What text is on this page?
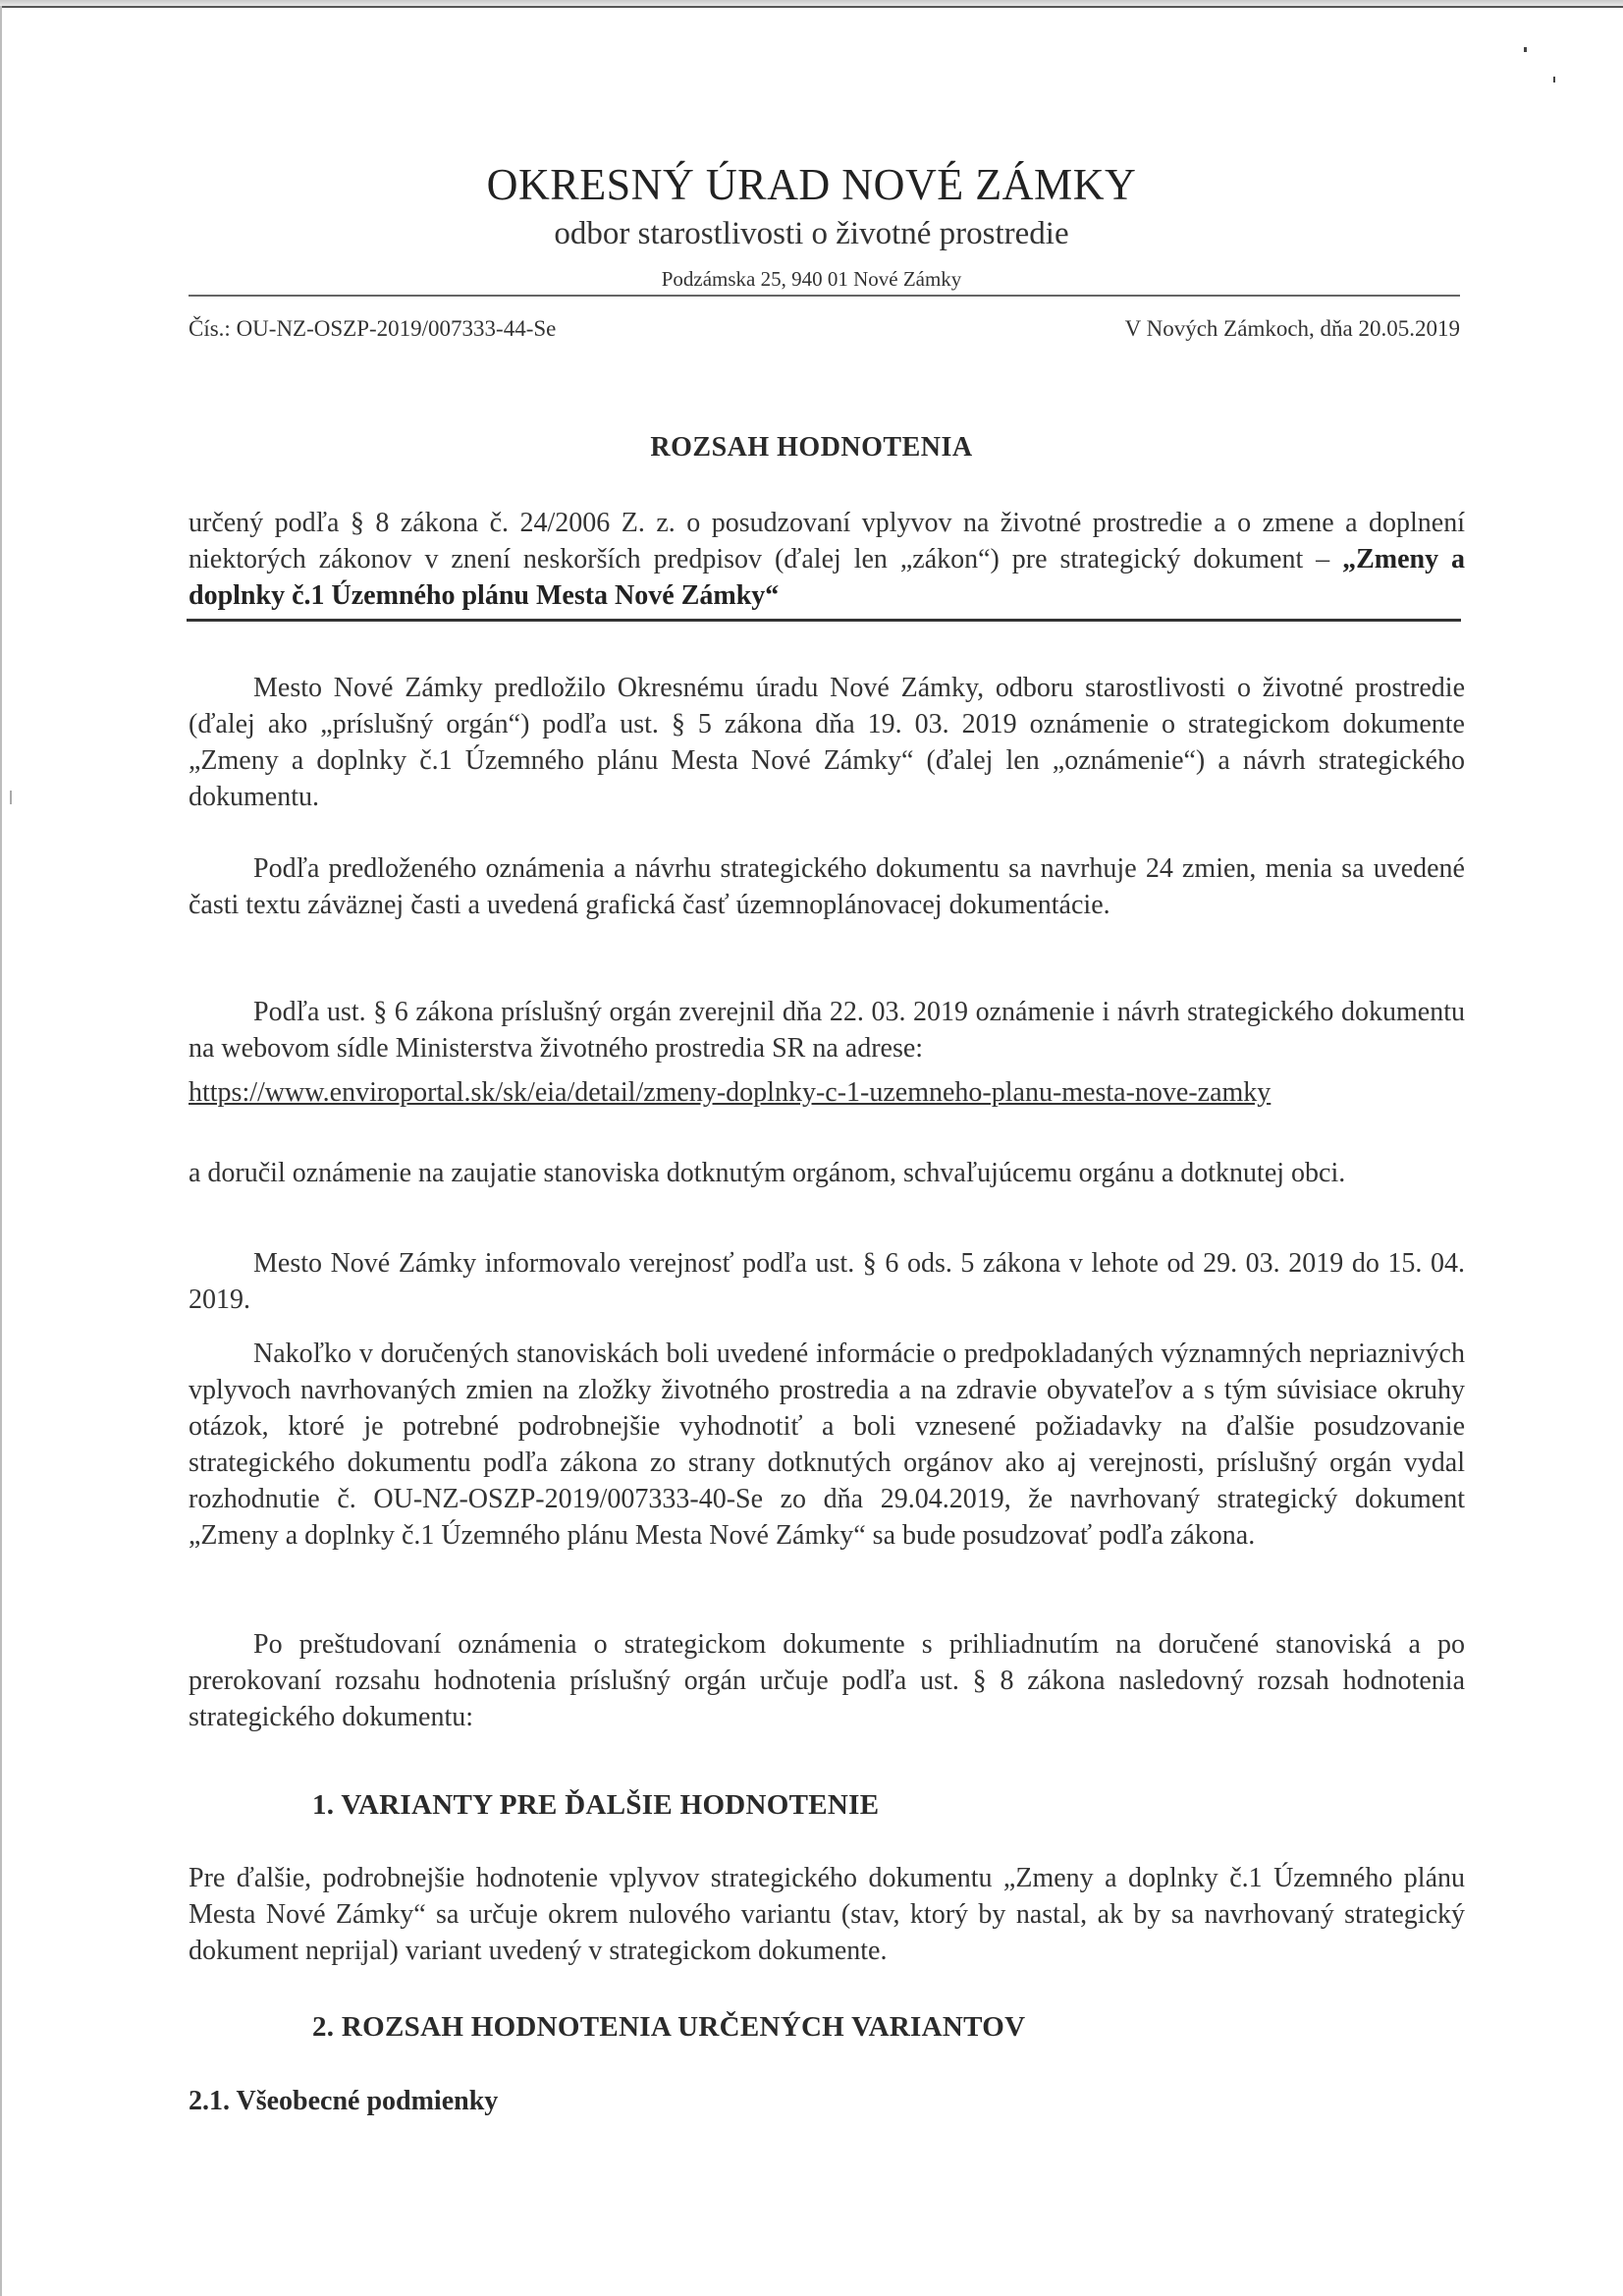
OKRESNÝ ÚRAD NOVÉ ZÁMKY
odbor starostlivosti o životné prostredie
Podzámska 25, 940 01 Nové Zámky
Čís.: OU-NZ-OSZP-2019/007333-44-Se	V Nových Zámkoch, dňa 20.05.2019
ROZSAH HODNOTENIA
určený podľa § 8 zákona č. 24/2006 Z. z. o posudzovaní vplyvov na životné prostredie a o zmene a doplnení niektorých zákonov v znení neskorších predpisov (ďalej len „zákon“) pre strategický dokument – „Zmeny a doplnky č.1 Územného plánu Mesta Nové Zámky“
Mesto Nové Zámky predložilo Okresnému úradu Nové Zámky, odboru starostlivosti o životné prostredie (ďalej ako „príslušný orgán“) podľa ust. § 5 zákona dňa 19. 03. 2019 oznámenie o strategickom dokumente „Zmeny a doplnky č.1 Územného plánu Mesta Nové Zámky“ (ďalej len „oznámenie“) a návrh strategického dokumentu.
Podľa predloženého oznámenia a návrhu strategického dokumentu sa navrhuje 24 zmien, menia sa uvedené časti textu záväznej časti a uvedená grafická časť územnoplánovacej dokumentácie.
Podľa ust. § 6 zákona príslušný orgán zverejnil dňa 22. 03. 2019 oznámenie i návrh strategického dokumentu na webovom sídle Ministerstva životného prostredia SR na adrese:
https://www.enviroportal.sk/sk/eia/detail/zmeny-doplnky-c-1-uzemneho-planu-mesta-nove-zamky
a doručil oznámenie na zaujatie stanoviska dotknutým orgánom, schvaľujúcemu orgánu a dotknutej obci.
Mesto Nové Zámky informovalo verejnosť podľa ust. § 6 ods. 5 zákona v lehote od 29. 03. 2019 do 15. 04. 2019.
Nakoľko v doručených stanoviskách boli uvedené informácie o predpokladaných významných nepriaznivých vplyvoch navrhovaných zmien na zložky životného prostredia a na zdravie obyvateľov a s tým súvisiace okruhy otázok, ktoré je potrebné podrobnejšie vyhodnotiť a boli vznesené požiadavky na ďalšie posudzovanie strategického dokumentu podľa zákona zo strany dotknutých orgánov ako aj verejnosti, príslušný orgán vydal rozhodnutie č. OU-NZ-OSZP-2019/007333-40-Se zo dňa 29.04.2019, že navrhovaný strategický dokument „Zmeny a doplnky č.1 Územného plánu Mesta Nové Zámky“ sa bude posudzovať podľa zákona.
Po preštudovaní oznámenia o strategickom dokumente s prihliadnutím na doručené stanoviská a po prerokovaní rozsahu hodnotenia príslušný orgán určuje podľa ust. § 8 zákona nasledovný rozsah hodnotenia strategického dokumentu:
1. VARIANTY PRE ĎALŠIE HODNOTENIE
Pre ďalšie, podrobnejšie hodnotenie vplyvov strategického dokumentu „Zmeny a doplnky č.1 Územného plánu Mesta Nové Zámky“ sa určuje okrem nulového variantu (stav, ktorý by nastal, ak by sa navrhovaný strategický dokument neprijal) variant uvedený v strategickom dokumente.
2. ROZSAH HODNOTENIA URČENÝCH VARIANTOV
2.1. Všeobecné podmienky
